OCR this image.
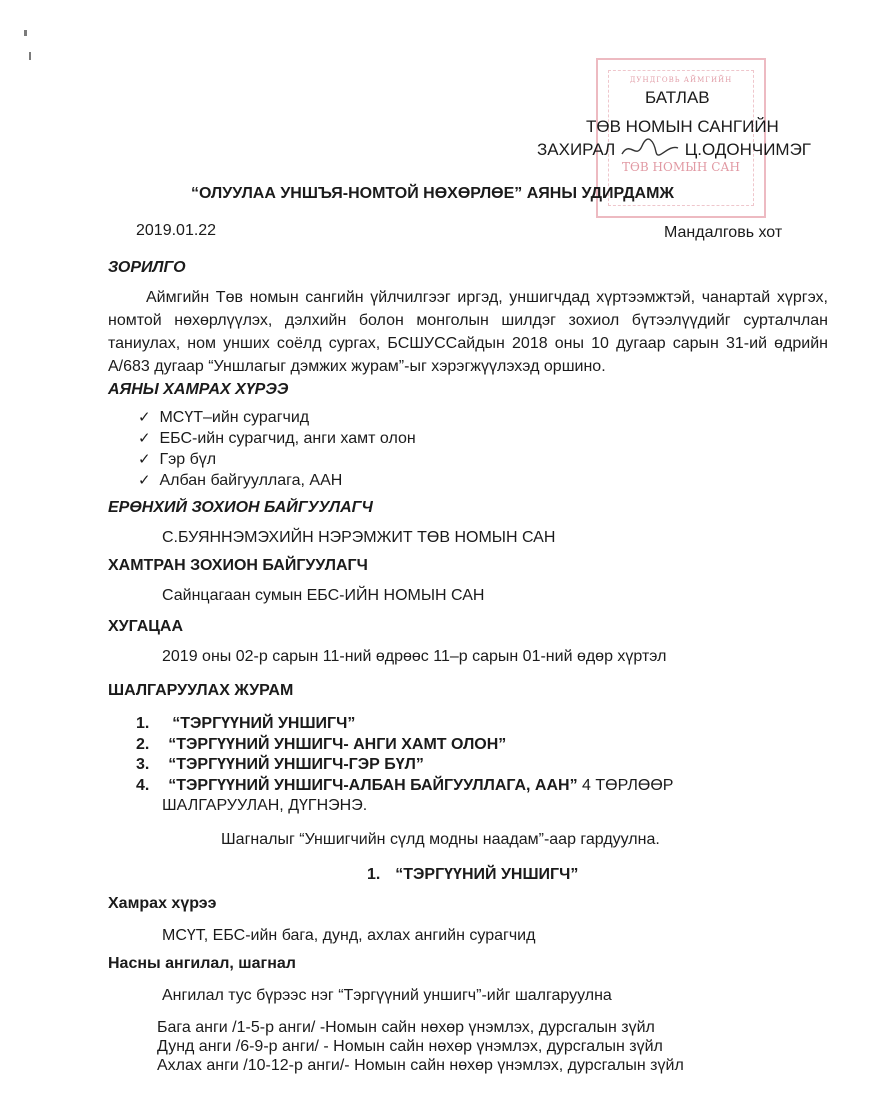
ДУНДГОВЬ АЙМГИЙН
ТӨВ НОМЫН САН
БАТЛАВ
ТӨВ НОМЫН САНГИЙН
ЗАХИРАЛ	Ц.ОДОНЧИМЭГ
“ОЛУУЛАА УНШЪЯ-НОМТОЙ НӨХӨРЛӨЕ” АЯНЫ УДИРДАМЖ
2019.01.22	Мандалговь хот
ЗОРИЛГО
Аймгийн Төв номын сангийн үйлчилгээг иргэд, уншигчдад хүртээмжтэй, чанартай хүргэх, номтой нөхөрлүүлэх, дэлхийн болон монголын шилдэг зохиол бүтээлүүдийг сурталчлан таниулах, ном унших соёлд сургах, БСШУССайдын 2018 оны 10 дугаар сарын 31-ий өдрийн А/683 дугаар “Уншлагыг дэмжих журам”-ыг хэрэгжүүлэхэд оршино.
АЯНЫ ХАМРАХ ХҮРЭЭ
✓ МСҮТ–ийн сурагчид
✓ ЕБС-ийн сурагчид, анги хамт олон
✓ Гэр бүл
✓ Албан байгууллага, ААН
ЕРӨНХИЙ ЗОХИОН БАЙГУУЛАГЧ
С.БУЯННЭМЭХИЙН НЭРЭМЖИТ ТӨВ НОМЫН САН
ХАМТРАН ЗОХИОН БАЙГУУЛАГЧ
Сайнцагаан сумын ЕБС-ИЙН НОМЫН САН
ХУГАЦАА
2019 оны 02-р сарын 11-ний өдрөөс 11–р сарын 01-ний өдөр хүртэл
ШАЛГАРУУЛАХ ЖУРАМ
1.  “ТЭРГҮҮНИЙ УНШИГЧ”
2. “ТЭРГҮҮНИЙ УНШИГЧ- АНГИ ХАМТ ОЛОН”
3. “ТЭРГҮҮНИЙ УНШИГЧ-ГЭР БҮЛ”
4. “ТЭРГҮҮНИЙ УНШИГЧ-АЛБАН БАЙГУУЛЛАГА, ААН” 4 ТӨРЛӨӨР
ШАЛГАРУУЛАН, ДҮГНЭНЭ.
Шагналыг “Уншигчийн сүлд модны наадам”-аар гардуулна.
1. “ТЭРГҮҮНИЙ УНШИГЧ”
Хамрах хүрээ
МСҮТ, ЕБС-ийн бага, дунд, ахлах ангийн сурагчид
Насны ангилал, шагнал
Ангилал тус бүрээс нэг “Тэргүүний уншигч”-ийг шалгаруулна
Бага анги /1-5-р анги/ -Номын сайн нөхөр үнэмлэх, дурсгалын зүйл
Дунд анги /6-9-р анги/ - Номын сайн нөхөр үнэмлэх, дурсгалын зүйл
Ахлах анги /10-12-р анги/- Номын сайн нөхөр үнэмлэх, дурсгалын зүйл
